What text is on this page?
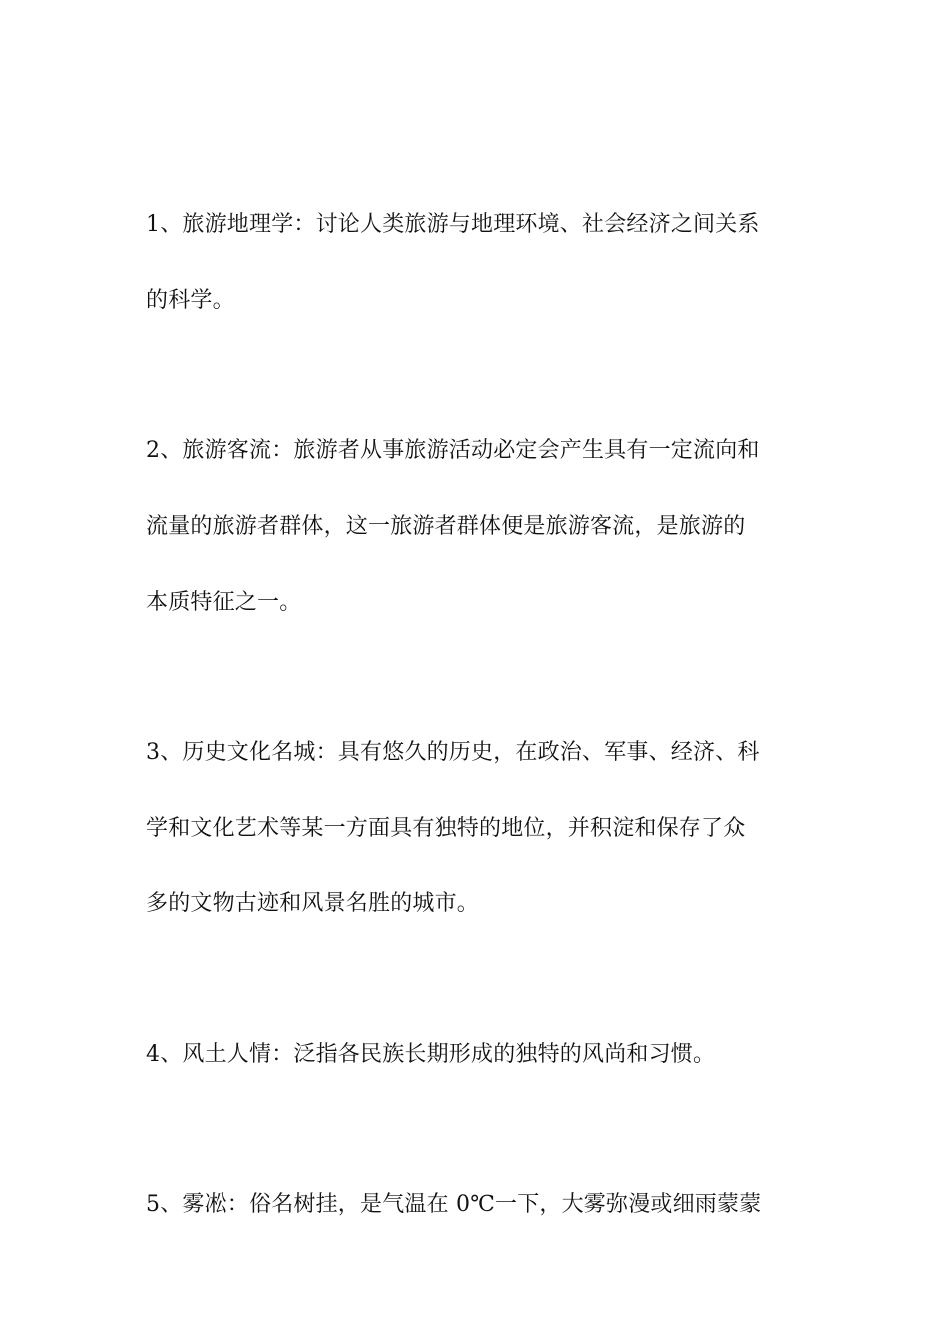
1、旅游地理学：讨论人类旅游与地理环境、社会经济之间关系
的科学。
2、旅游客流：旅游者从事旅游活动必定会产生具有一定流向和
流量的旅游者群体，这一旅游者群体便是旅游客流，是旅游的
本质特征之一。
3、历史文化名城：具有悠久的历史，在政治、军事、经济、科
学和文化艺术等某一方面具有独特的地位，并积淀和保存了众
多的文物古迹和风景名胜的城市。
4、风土人情：泛指各民族长期形成的独特的风尚和习惯。
5、雾凇：俗名树挂，是气温在 0℃一下，大雾弥漫或细雨蒙蒙
